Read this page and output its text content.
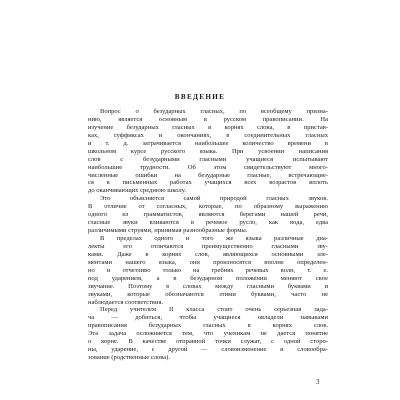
ВВЕДЕНИЕ
Вопрос о безударных гласных, по всеобщему призна-
нию, является основным в русском правописании. На
изучение безударных гласных в корнях слова, в пристав-
ках, суффиксах и окончаниях, в соединительных гласных
и т. д. затрачивается наибольшее количество времени в
школьном курсе русского языка. При усвоении написания
слов с безударными гласными учащиеся испытывают
наибольшие трудности. Об этом свидетельствуют много-
численные ошибки на безударные гласные, встречающие-
ся в письменных работах учащихся всех возрастов вплоть
до оканчивающих среднюю школу.
Это объясняется самой природой гласных звуков.
В отличие от согласных, которые, по образному выражению
одного из грамматистов, являются берегами нашей речи,
гласные звуки вливаются в речевое русло, как вода, едва
различимыми струями, принимая разнообразные формы.
В пределах одного и того же языка различные диа-
лекты его отличаются преимущественно гласными зву-
ками. Даже в корнях слов, являющихся основными эле-
ментами нашего языка, они произносятся вполне определен-
но и отчетливо только на гребнях речевых волн, т. е.
под ударением, а в безударном положении меняют свое
звучание. Поэтому в словах между гласными буквами и
звуками, которые обозначаются этими буквами, часто не
наблюдается соответствия.
Перед учителем II класса стоит очень серьезная зада-
ча — добиться, чтобы учащиеся овладели навыками
правописания безударных гласных в корнях слов.
Эта задача осложняется тем, что ученикам не дается понятие
о корне. В качестве отправной точки служат, с одной сторо-
ны, ударение, с другой — словоизменение и словообра-
зование (родственные слова).
3
